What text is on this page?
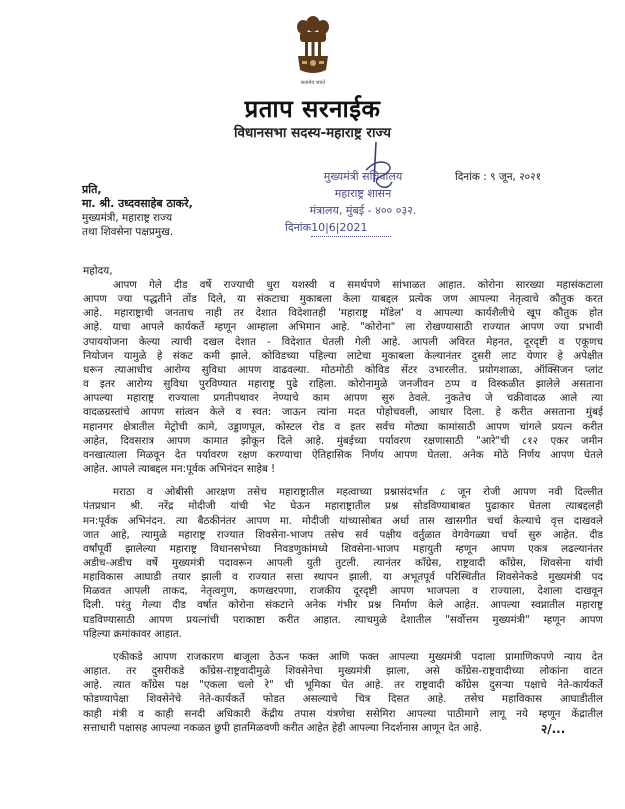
सत्यमेव जयते
प्रताप सरनाईक
विधानसभा सदस्य-महाराष्ट्र राज्य
प्रति,
मा. श्री. उध्दवसाहेब ठाकरे,
मुख्यमंत्री, महाराष्ट्र राज्य
तथा शिवसेना पक्षप्रमुख.
मुख्यमंत्री सचिवालय
महाराष्ट्र शासन
मंत्रालय, मुंबई - ४०० ०३२.
दिनांक10|6|2021
दिनांक : ९ जून, २०२१
महोदय,
आपण गेले दीड वर्षे राज्याची धुरा यशस्वी व समर्थपणे सांभाळत आहात. कोरोना सारख्या महासंकटाला
आपण ज्या पद्धतीने तोंड दिले, या संकटाचा मुकाबला केला याबद्दल प्रत्येक जण आपल्या नेतृत्वाचे कौतुक करत
आहे. महाराष्ट्राची जनताच नाही तर देशात विदेशातही 'महाराष्ट्र मॉडेल' व आपल्या कार्यशैलीचे खूप कौतुक होत
आहे. याचा आपले कार्यकर्ते म्हणून आम्हाला अभिमान आहे. "कोरोना" ला रोखण्यासाठी राज्यात आपण ज्या प्रभावी
उपाययोजना केल्या त्याची दखल देशात - विदेशात घेतली गेली आहे. आपली अविरत मेहनत, दूरदृष्टी व एकूणच
नियोजन यामुळे हे संकट कमी झाले. कोविडच्या पहिल्या लाटेचा मुकाबला केल्यानंतर दुसरी लाट येणार हे अपेक्षीत
धरून त्याआधीच आरोग्य सुविधा आपण वाढवल्या. मोठमोठी कोविड सेंटर उभारलीत. प्रयोगशाळा, ऑक्सिजन प्लांट
व इतर आरोग्य सुविधा पुरविण्यात महाराष्ट्र पुढे राहिला. कोरोनामुळे जनजीवन ठप्प व विस्कळीत झालेले असताना
आपल्या महाराष्ट्र राज्याला प्रगतीपथावर नेण्याचे काम आपण सुरु ठेवले. नुकतेच जे चक्रीवादळ आले त्या
वादळग्रस्तांचे आपण सांत्वन केले व स्वत: जाऊन त्यांना मदत पोहोचवली, आधार दिला. हे करीत असताना मुंबई
महानगर क्षेत्रातील मेट्रोची कामे, उड्डाणपूल, कोस्टल रोड व इतर सर्वच मोठ्या कामांसाठी आपण चांगले प्रयत्न करीत
आहेत, दिवसरात्र आपण कामात झोकून दिले आहे. मुंबईच्या पर्यावरण रक्षणासाठी "आरे"ची ८१२ एकर जमीन
वनखात्याला मिळवून देत पर्यावरण रक्षण करण्याचा ऐतिहासिक निर्णय आपण घेतला. अनेक मोठे निर्णय आपण घेतले
आहेत. आपले त्याबद्दल मन:पूर्वक अभिनंदन साहेब !
मराठा व ओबीसी आरक्षण तसेच महाराष्ट्रातील महत्वाच्या प्रश्नासंदर्भात ८ जून रोजी आपण नवी दिल्लीत
पंतप्रधान श्री. नरेंद्र मोदीजी यांची भेट घेऊन महाराष्ट्रातील प्रश्न सोडविण्याबाबत पुढाकार घेतला त्याबद्दलही
मन:पूर्वक अभिनंदन. त्या बैठकीनंतर आपण मा. मोदीजी यांच्यासोबत अर्धा तास खासगीत चर्चा केल्याचे वृत्त दाखवले
जात आहे, त्यामुळे महाराष्ट्र राज्यात शिवसेना-भाजप तसेच सर्व पक्षीय वर्तुळात वेगवेगळ्या चर्चा सुरु आहेत. दीड
वर्षांपूर्वी झालेल्या महाराष्ट्र विधानसभेच्या निवडणुकांमध्ये शिवसेना-भाजप महायुती म्हणून आपण एकत्र लढल्यानंतर
अडीच-अडीच वर्षे मुख्यमंत्री पदावरून आपली युती तुटली. त्यानंतर कॉंग्रेस, राष्ट्रवादी कॉंग्रेस, शिवसेना यांची
महाविकास आघाडी तयार झाली व राज्यात सत्ता स्थापन झाली. या अभूतपूर्व परिस्थितीत शिवसेनेकडे मुख्यमंत्री पद
मिळवत आपली ताकद, नेतृत्वगुण, कणखरपणा, राजकीय दूरदृष्टी आपण भाजपला व राज्याला, देशाला दाखवून
दिली. परंतु गेल्या दीड वर्षात कोरोना संकटाने अनेक गंभीर प्रश्न निर्माण केले आहेत. आपल्या स्वप्नातील महाराष्ट्र
घडविण्यासाठी आपण प्रयत्नांची पराकाष्टा करीत आहात. त्याचमुळे देशातील "सर्वोत्तम मुख्यमंत्री" म्हणून आपण
पहिल्या क्रमांकावर आहात.
एकीकडे आपण राजकारण बाजूला ठेऊन फक्त आणि फक्त आपल्या मुख्यमंत्री पदाला प्रामाणिकपणे न्याय देत
आहात. तर दुसरीकडे कॉंग्रेस-राष्ट्रवादीमुळे शिवसेनेचा मुख्यमंत्री झाला, असे कॉंग्रेस-राष्ट्रवादीच्या लोकांना वाटत
आहे. त्यात कॉंग्रेस पक्ष "एकला चलो रे" ची भूमिका घेत आहे. तर राष्ट्रवादी कॉंग्रेस दुसऱ्या पक्षाचे नेते-कार्यकर्ते
फोडण्यापेक्षा शिवसेनेचे नेते-कार्यकर्ते फोडत असल्याचे चित्र दिसत आहे. तसेच महाविकास आघाडीतील
काही मंत्री व काही सनदी अधिकारी केंद्रीय तपास यंत्रणेचा ससेमिरा आपल्या पाठीमागे लागू नये म्हणून केंद्रातील
सत्ताधारी पक्षासह आपल्या नकळत छुपी हातमिळवणी करीत आहेत हेही आपल्या निदर्शनास आणून देत आहे.	२/...
